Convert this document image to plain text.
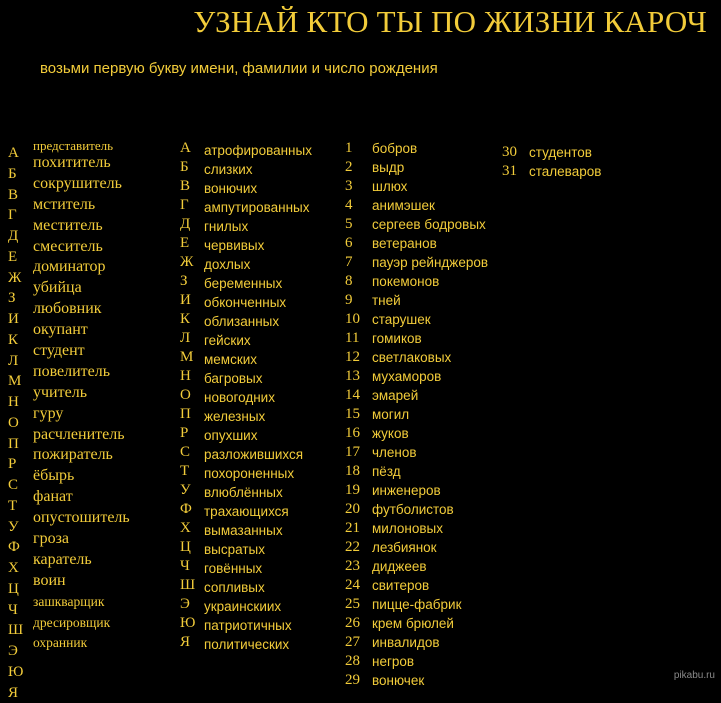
УЗНАЙ КТО ТЫ ПО ЖИЗНИ КАРОЧ
возьми первую букву имени, фамилии и число рождения
А
Б
В
Г
Д
Е
Ж
З
И
К
Л
М
Н
О
П
Р
С
Т
У
Ф
Х
Ц
Ч
Ш
Э
Ю
Я
представитель
похититель
сокрушитель
мститель
меститель
смеситель
доминатор
убийца
любовник
окупант
студент
повелитель
учитель
гуру
расчленитель
пожиратель
ёбырь
фанат
опустошитель
гроза
каратель
воин
зашкварщик
дресировщик
охранник
А
Б
В
Г
Д
Е
Ж
З
И
К
Л
М
Н
О
П
Р
С
Т
У
Ф
Х
Ц
Ч
Ш
Э
Ю
Я
атрофированных
слизких
вонючих
ампутированных
гнилых
червивых
дохлых
беременных
обконченных
облизанных
гейских
мемских
багровых
новогодних
железных
опухших
разложившихся
похороненных
влюблённых
трахающихся
вымазанных
высратых
говённых
сопливых
украинскиих
патриотичных
политических
1
2
3
4
5
6
7
8
9
10
11
12
13
14
15
16
17
18
19
20
21
22
23
24
25
26
27
28
29
бобров
выдр
шлюх
анимэшек
сергеев бодровых
ветеранов
пауэр рейнджеров
покемонов
тней
старушек
гомиков
светлаковых
мухаморов
эмарей
могил
жуков
членов
пёзд
инженеров
футболистов
милоновых
лезбиянок
диджеев
свитеров
пицце-фабрик
крем брюлей
инвалидов
негров
вонючек
30
31
студентов
сталеваров
pikabu.ru
